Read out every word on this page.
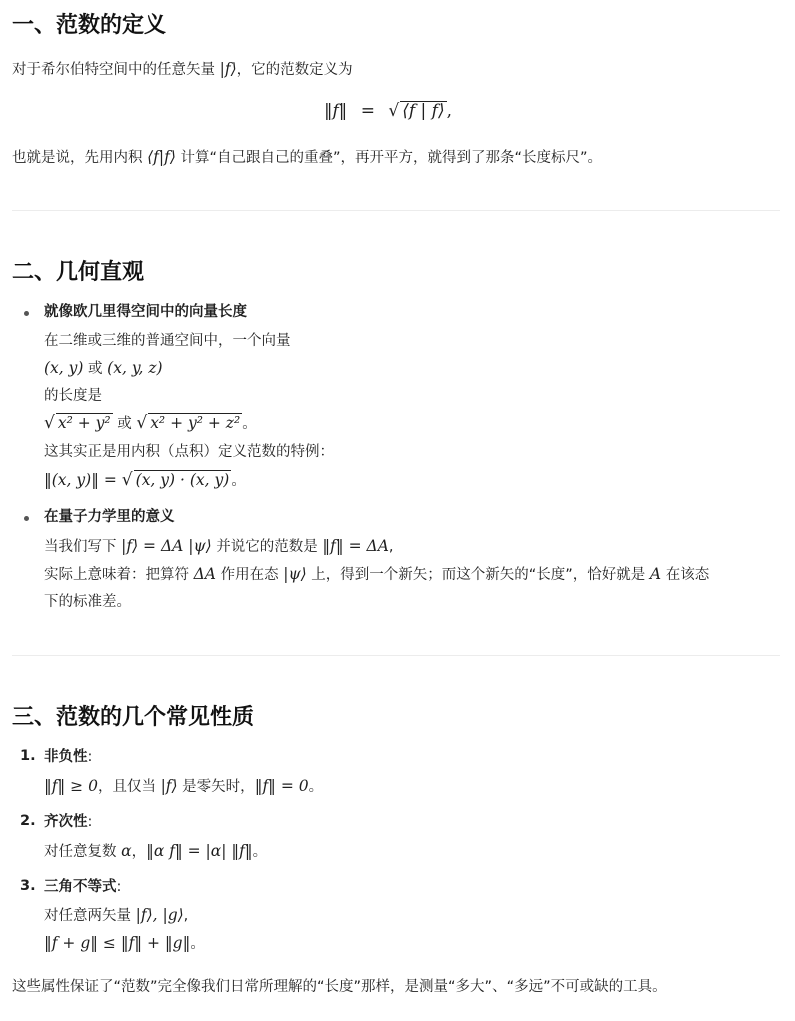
一、范数的定义
对于希尔伯特空间中的任意矢量 |f⟩，它的范数定义为
‖f‖ = √ ⟨f | f⟩ ,
也就是说，先用内积 ⟨f|f⟩ 计算“自己跟自己的重叠”，再开平方，就得到了那条“长度标尺”。
二、几何直观
就像欧几里得空间中的向量长度
在二维或三维的普通空间中，一个向量
(x, y) 或 (x, y, z)
的长度是
√ x² + y² 或 √ x² + y² + z² 。
这其实正是用内积（点积）定义范数的特例：
‖(x, y)‖ = √ (x, y) · (x, y) 。
在量子力学里的意义
当我们写下 |f⟩ = ΔA |ψ⟩ 并说它的范数是 ‖f‖ = ΔA,
实际上意味着：把算符 ΔA 作用在态 |ψ⟩ 上，得到一个新矢；而这个新矢的“长度”，恰好就是 A 在该态
下的标准差。
三、范数的几个常见性质
1. 非负性:
‖f‖ ≥ 0，且仅当 |f⟩ 是零矢时，‖f‖ = 0。
2. 齐次性:
对任意复数 α，‖α f‖ = |α| ‖f‖。
3. 三角不等式:
对任意两矢量 |f⟩, |g⟩,
‖f + g‖ ≤ ‖f‖ + ‖g‖。
这些属性保证了“范数”完全像我们日常所理解的“长度”那样，是测量“多大”、“多远”不可或缺的工具。
